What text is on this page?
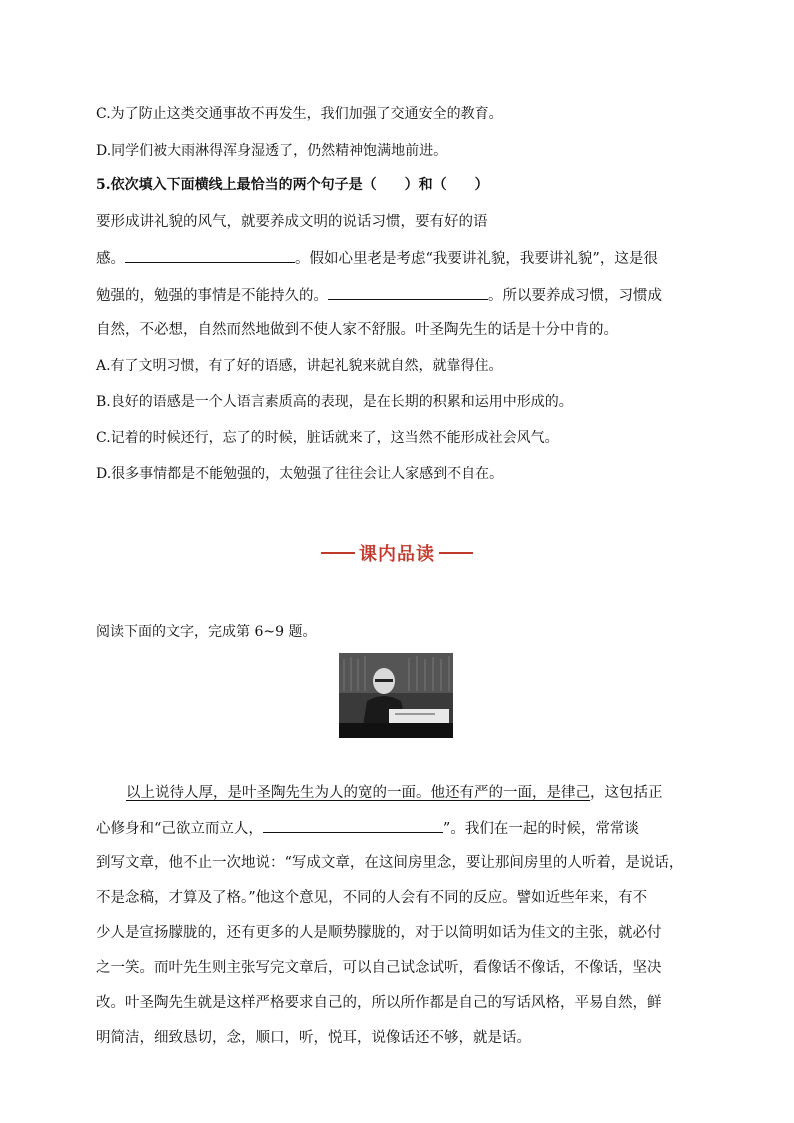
C.为了防止这类交通事故不再发生，我们加强了交通安全的教育。
D.同学们被大雨淋得浑身湿透了，仍然精神饱满地前进。
5.依次填入下面横线上最恰当的两个句子是（　　）和（　　）
要形成讲礼貌的风气，就要养成文明的说话习惯，要有好的语
感。	。假如心里老是考虑“我要讲礼貌，我要讲礼貌”，这是很
勉强的，勉强的事情是不能持久的。	。所以要养成习惯，习惯成
自然，不必想，自然而然地做到不使人家不舒服。叶圣陶先生的话是十分中肯的。
A.有了文明习惯，有了好的语感，讲起礼貌来就自然，就靠得住。
B.良好的语感是一个人语言素质高的表现，是在长期的积累和运用中形成的。
C.记着的时候还行，忘了的时候，脏话就来了，这当然不能形成社会风气。
D.很多事情都是不能勉强的，太勉强了往往会让人家感到不自在。
课内品读
阅读下面的文字，完成第 6~9 题。
以上说待人厚，是叶圣陶先生为人的宽的一面。他还有严的一面，是律己，这包括正
心修身和“己欲立而立人，	”。我们在一起的时候，常常谈
到写文章，他不止一次地说：“写成文章，在这间房里念，要让那间房里的人听着，是说话，
不是念稿，才算及了格。”他这个意见，不同的人会有不同的反应。譬如近些年来，有不
少人是宣扬朦胧的，还有更多的人是顺势朦胧的，对于以简明如话为佳文的主张，就必付
之一笑。而叶先生则主张写完文章后，可以自己试念试听，看像话不像话，不像话，坚决
改。叶圣陶先生就是这样严格要求自己的，所以所作都是自己的写话风格，平易自然，鲜
明简洁，细致恳切，念，顺口，听，悦耳，说像话还不够，就是话。
